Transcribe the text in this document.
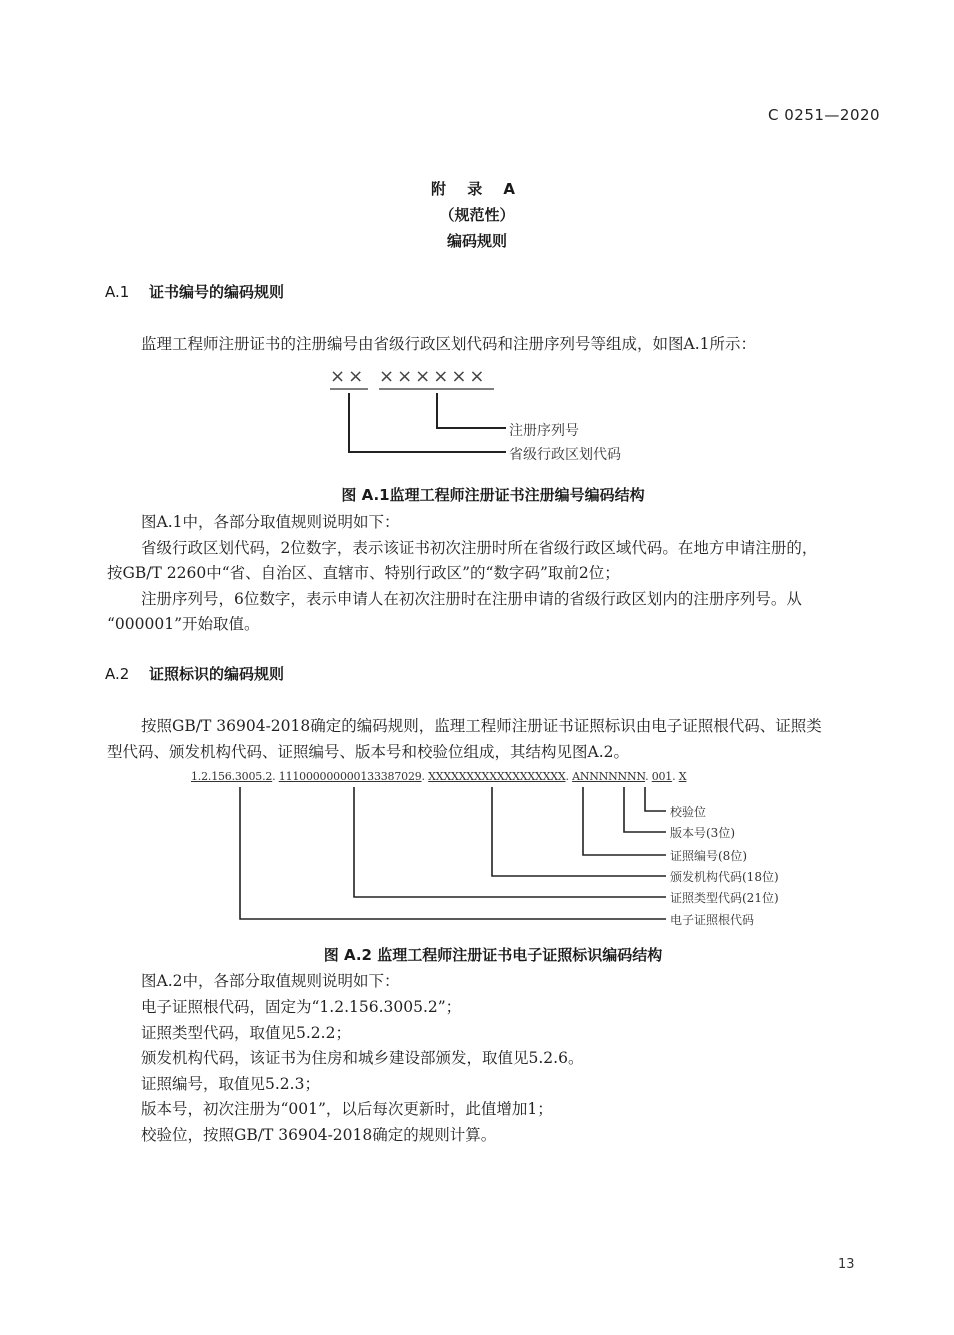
C 0251—2020
附 录 A
（规范性）
编码规则
A.1 证书编号的编码规则
监理工程师注册证书的注册编号由省级行政区划代码和注册序列号等组成，如图A.1所示：
×× ××××××
注册序列号
省级行政区划代码
图 A.1监理工程师注册证书注册编号编码结构
图A.1中，各部分取值规则说明如下：
省级行政区划代码，2位数字，表示该证书初次注册时所在省级行政区域代码。在地方申请注册的，
按GB/T 2260中“省、自治区、直辖市、特别行政区”的“数字码”取前2位；
注册序列号，6位数字，表示申请人在初次注册时在注册申请的省级行政区划内的注册序列号。从
“000001”开始取值。
A.2 证照标识的编码规则
按照GB/T 36904-2018确定的编码规则，监理工程师注册证书证照标识由电子证照根代码、证照类
型代码、颁发机构代码、证照编号、版本号和校验位组成，其结构见图A.2。
1.2.156.3005.2. 111000000000133387029. XXXXXXXXXXXXXXXXXX. ANNNNNNN. 001. X
校验位
版本号(3位)
证照编号(8位)
颁发机构代码(18位)
证照类型代码(21位)
电子证照根代码
图 A.2 监理工程师注册证书电子证照标识编码结构
图A.2中，各部分取值规则说明如下：
电子证照根代码，固定为“1.2.156.3005.2”；
证照类型代码，取值见5.2.2；
颁发机构代码，该证书为住房和城乡建设部颁发，取值见5.2.6。
证照编号，取值见5.2.3；
版本号，初次注册为“001”，以后每次更新时，此值增加1；
校验位，按照GB/T 36904-2018确定的规则计算。
13
